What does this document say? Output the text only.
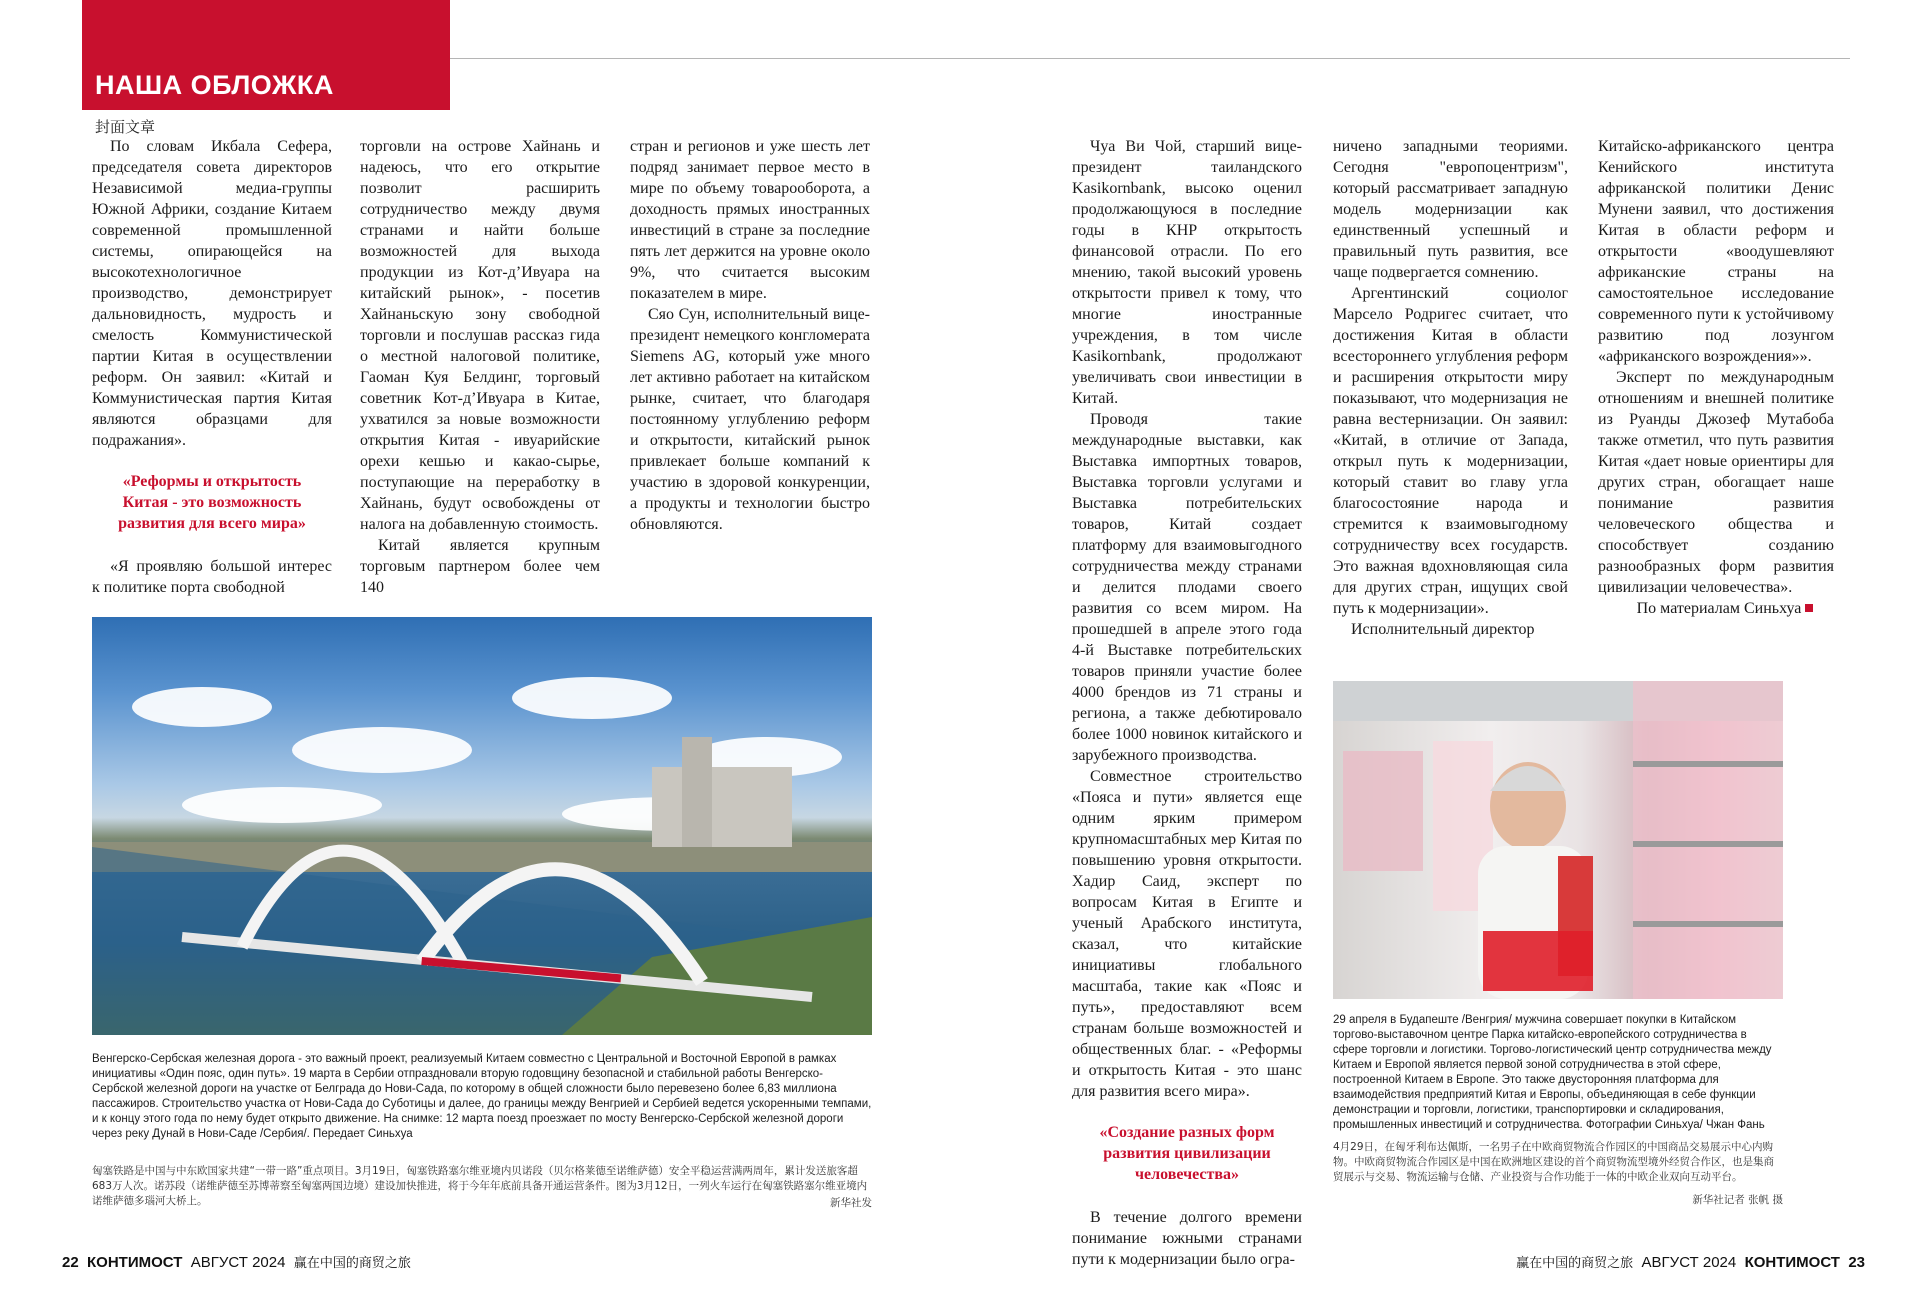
НАША ОБЛОЖКА
封面文章

По словам Икбала Сефера, председателя совета директоров Независимой медиа-группы Южной Африки, создание Китаем современной промышленной системы, опирающейся на высокотехнологичное производство, демонстрирует дальновидность, мудрость и смелость Коммунистической партии Китая в осуществлении реформ. Он заявил: «Китай и Коммунистическая партия Китая являются образцами для подражания».

«Реформы и открытость Китая - это возможность развития для всего мира»

«Я проявляю большой интерес к политике порта свободной

торговли на острове Хайнань и надеюсь, что его открытие позволит расширить сотрудничество между двумя странами и найти больше возможностей для выхода продукции из Кот-д’Ивуара на китайский рынок», - посетив Хайнаньскую зону свободной торговли и послушав рассказ гида о местной налоговой политике, Гаоман Куя Белдинг, торговый советник Кот-д’Ивуара в Китае, ухватился за новые возможности открытия Китая - ивуарийские орехи кешью и какао-сырье, поступающие на переработку в Хайнань, будут освобождены от налога на добавленную стоимость.

Китай является крупным торговым партнером более чем 140

стран и регионов и уже шесть лет подряд занимает первое место в мире по объему товарооборота, а доходность прямых иностранных инвестиций в стране за последние пять лет держится на уровне около 9%, что считается высоким показателем в мире.

Сяо Сун, исполнительный вице-президент немецкого конгломерата Siemens AG, который уже много лет активно работает на китайском рынке, считает, что благодаря постоянному углублению реформ и открытости, китайский рынок привлекает больше компаний к участию в здоровой конкуренции, а продукты и технологии быстро обновляются.

Венгерско-Сербская железная дорога - это важный проект, реализуемый Китаем совместно с Центральной и Восточной Европой в рамках инициативы «Один пояс, один путь». 19 марта в Сербии отпраздновали вторую годовщину безопасной и стабильной работы Венгерско-Сербской железной дороги на участке от Белграда до Нови-Сада, по которому в общей сложности было перевезено более 6,83 миллиона пассажиров. Строительство участка от Нови-Сада до Суботицы и далее, до границы между Венгрией и Сербией ведется ускоренными темпами, и к концу этого года по нему будет открыто движение. На снимке: 12 марта поезд проезжает по мосту Венгерско-Сербской железной дороги через реку Дунай в Нови-Саде /Сербия/. Передает Синьхуа
匈塞铁路是中国与中东欧国家共建“一带一路”重点项目。3月19日，匈塞铁路塞尔维亚境内贝诺段（贝尔格莱德至诺维萨德）安全平稳运营满两周年，累计发送旅客超683万人次。诺苏段（诺维萨德至苏博蒂察至匈塞两国边境）建设加快推进，将于今年年底前具备开通运营条件。图为3月12日，一列火车运行在匈塞铁路塞尔维亚境内诺维萨德多瑙河大桥上。	新华社发

Чуа Ви Чой, старший вице-президент таиландского Kasikornbank, высоко оценил продолжающуюся в последние годы в КНР открытость финансовой отрасли. По его мнению, такой высокий уровень открытости привел к тому, что многие иностранные учреждения, в том числе Kasikornbank, продолжают увеличивать свои инвестиции в Китай.

Проводя такие международные выставки, как Выставка импортных товаров, Выставка торговли услугами и Выставка потребительских товаров, Китай создает платформу для взаимовыгодного сотрудничества между странами и делится плодами своего развития со всем миром. На прошедшей в апреле этого года 4-й Выставке потребительских товаров приняли участие более 4000 брендов из 71 страны и региона, а также дебютировало более 1000 новинок китайского и зарубежного производства.

Совместное строительство «Пояса и пути» является еще одним ярким примером крупномасштабных мер Китая по повышению уровня открытости. Хадир Саид, эксперт по вопросам Китая в Египте и ученый Арабского института, сказал, что китайские инициативы глобального масштаба, такие как «Пояс и путь», предоставляют всем странам больше возможностей и общественных благ. - «Реформы и открытость Китая - это шанс для развития всего мира».

«Создание разных форм развития цивилизации человечества»

В течение долгого времени понимание южными странами пути к модернизации было огра-

ничено западными теориями. Сегодня "европоцентризм", который рассматривает западную модель модернизации как единственный успешный и правильный путь развития, все чаще подвергается сомнению.

Аргентинский социолог Марсело Родригес считает, что достижения Китая в области всестороннего углубления реформ и расширения открытости миру показывают, что модернизация не равна вестернизации. Он заявил: «Китай, в отличие от Запада, открыл путь к модернизации, который ставит во главу угла благосостояние народа и стремится к взаимовыгодному сотрудничеству всех государств. Это важная вдохновляющая сила для других стран, ищущих свой путь к модернизации».

Исполнительный директор

Китайско-африканского центра Кенийского института африканской политики Денис Мунени заявил, что достижения Китая в области реформ и открытости «воодушевляют африканские страны на самостоятельное исследование современного пути к устойчивому развитию под лозунгом «африканского возрождения»».

Эксперт по международным отношениям и внешней политике из Руанды Джозеф Мутабоба также отметил, что путь развития Китая «дает новые ориентиры для других стран, обогащает наше понимание развития человеческого общества и способствует созданию разнообразных форм развития цивилизации человечества».

По материалам Синьхуа

29 апреля в Будапеште /Венгрия/ мужчина совершает покупки в Китайском торгово-выставочном центре Парка китайско-европейского сотрудничества в сфере торговли и логистики. Торгово-логистический центр сотрудничества между Китаем и Европой является первой зоной сотрудничества в этой сфере, построенной Китаем в Европе. Это также двусторонняя платформа для взаимодействия предприятий Китая и Европы, объединяющая в себе функции демонстрации и торговли, логистики, транспортировки и складирования, промышленных инвестиций и сотрудничества. Фотографии Синьхуа/ Чжан Фань
4月29日，在匈牙利布达佩斯，一名男子在中欧商贸物流合作园区的中国商品交易展示中心内购物。中欧商贸物流合作园区是中国在欧洲地区建设的首个商贸物流型境外经贸合作区，也是集商贸展示与交易、物流运输与仓储、产业投资与合作功能于一体的中欧企业双向互动平台。
新华社记者 张帆 摄
22 КОНТИМОСТ АВГУСТ 2024 赢在中国的商贸之旅	赢在中国的商贸之旅 АВГУСТ 2024 КОНТИМОСТ 23
